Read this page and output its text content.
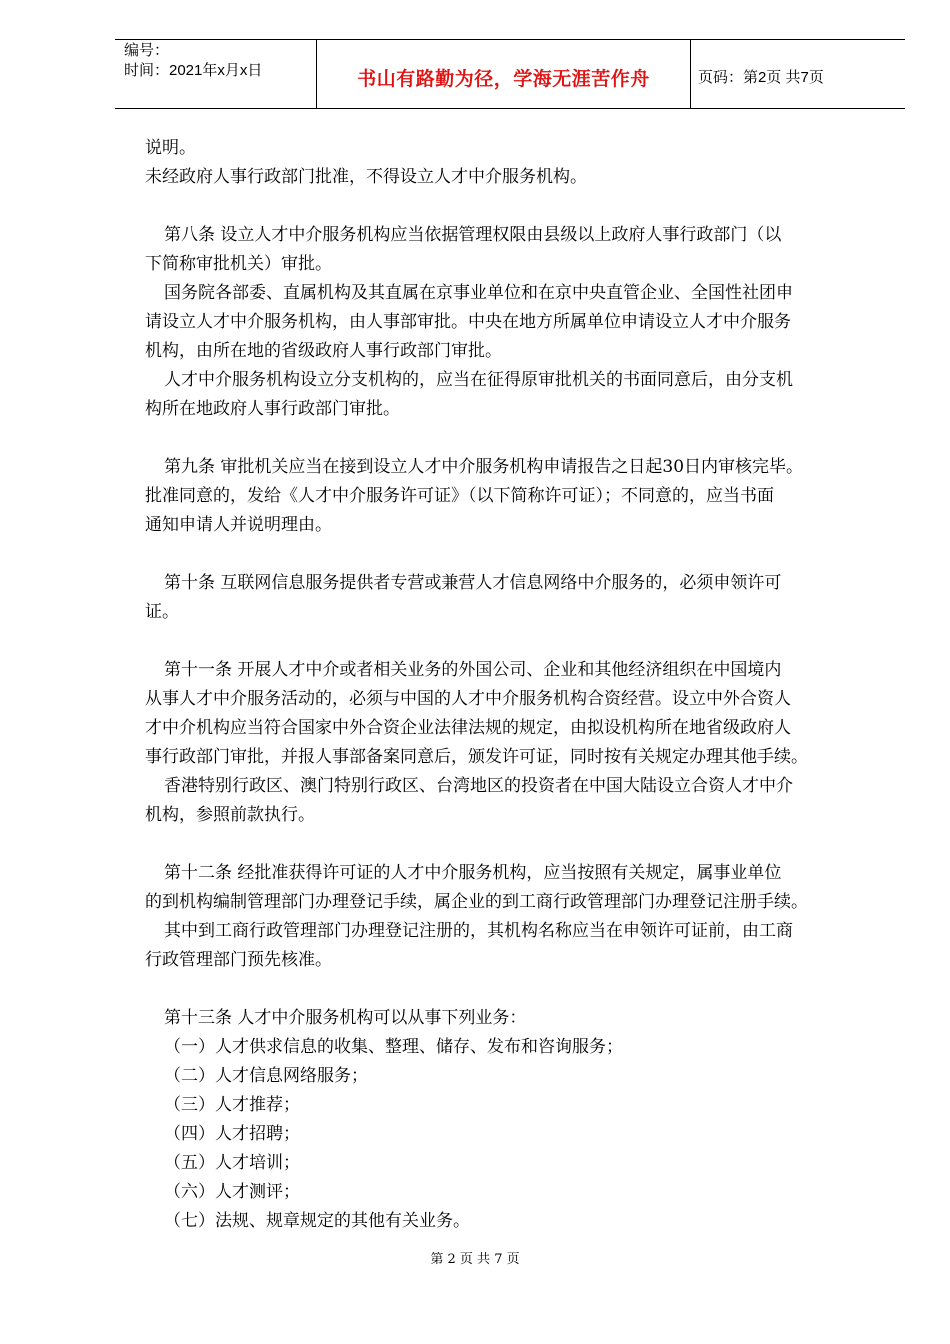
编号：
时间：2021年x月x日	书山有路勤为径，学海无涯苦作舟	页码：第2页 共7页
说明。
未经政府人事行政部门批准，不得设立人才中介服务机构。
第八条 设立人才中介服务机构应当依据管理权限由县级以上政府人事行政部门（以
下简称审批机关）审批。
国务院各部委、直属机构及其直属在京事业单位和在京中央直管企业、全国性社团申
请设立人才中介服务机构，由人事部审批。中央在地方所属单位申请设立人才中介服务
机构，由所在地的省级政府人事行政部门审批。
人才中介服务机构设立分支机构的，应当在征得原审批机关的书面同意后，由分支机
构所在地政府人事行政部门审批。
第九条 审批机关应当在接到设立人才中介服务机构申请报告之日起30日内审核完毕。
批准同意的，发给《人才中介服务许可证》（以下简称许可证）；不同意的，应当书面
通知申请人并说明理由。
第十条 互联网信息服务提供者专营或兼营人才信息网络中介服务的，必须申领许可
证。
第十一条 开展人才中介或者相关业务的外国公司、企业和其他经济组织在中国境内
从事人才中介服务活动的，必须与中国的人才中介服务机构合资经营。设立中外合资人
才中介机构应当符合国家中外合资企业法律法规的规定，由拟设机构所在地省级政府人
事行政部门审批，并报人事部备案同意后，颁发许可证，同时按有关规定办理其他手续。
香港特别行政区、澳门特别行政区、台湾地区的投资者在中国大陆设立合资人才中介
机构，参照前款执行。
第十二条 经批准获得许可证的人才中介服务机构，应当按照有关规定，属事业单位
的到机构编制管理部门办理登记手续，属企业的到工商行政管理部门办理登记注册手续。
其中到工商行政管理部门办理登记注册的，其机构名称应当在申领许可证前，由工商
行政管理部门预先核准。
第十三条 人才中介服务机构可以从事下列业务：
（一）人才供求信息的收集、整理、储存、发布和咨询服务；
（二）人才信息网络服务；
（三）人才推荐；
（四）人才招聘；
（五）人才培训；
（六）人才测评；
（七）法规、规章规定的其他有关业务。
第 2 页 共 7 页
